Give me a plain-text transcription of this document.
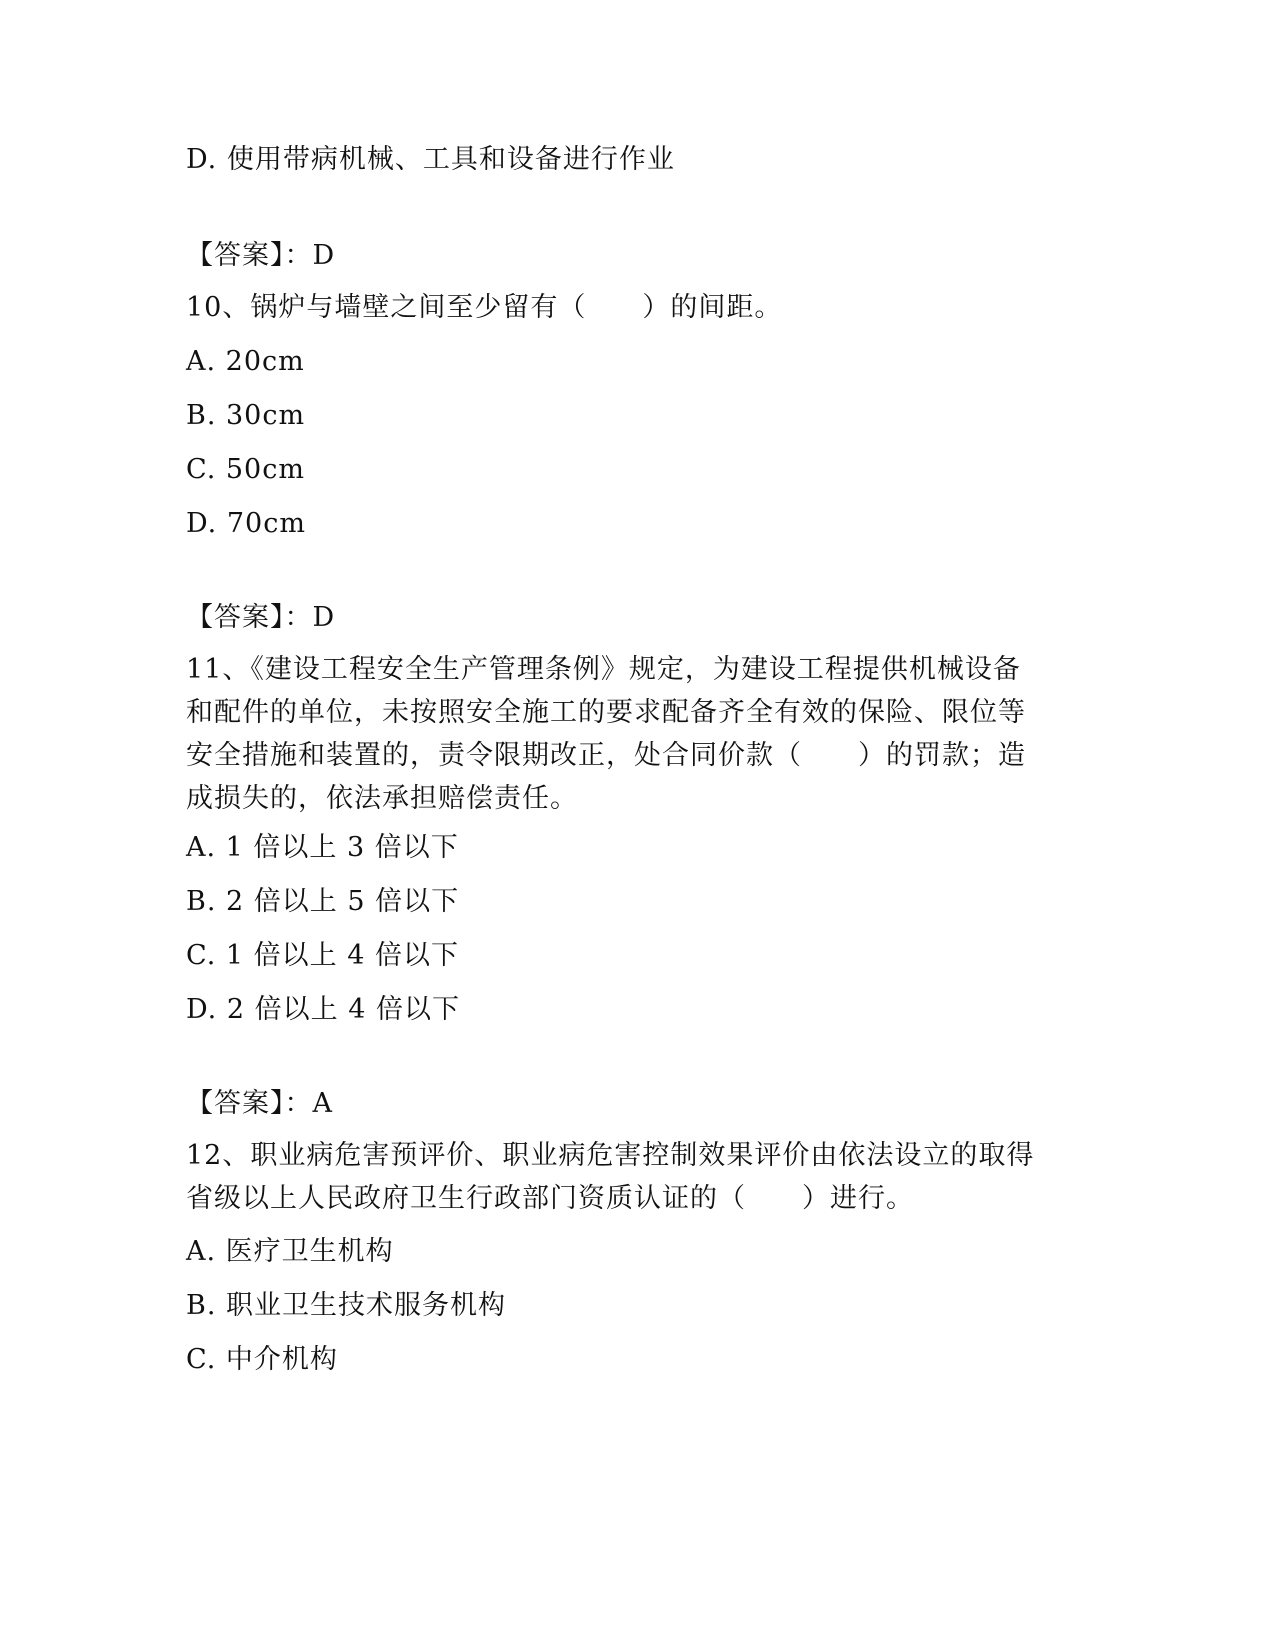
D. 使用带病机械、工具和设备进行作业
【答案】：D
10、锅炉与墙壁之间至少留有（　　）的间距。
A. 20cm
B. 30cm
C. 50cm
D. 70cm
【答案】：D
11、《建设工程安全生产管理条例》规定，为建设工程提供机械设备
和配件的单位，未按照安全施工的要求配备齐全有效的保险、限位等
安全措施和装置的，责令限期改正，处合同价款（　　）的罚款；造
成损失的，依法承担赔偿责任。
A. 1 倍以上 3 倍以下
B. 2 倍以上 5 倍以下
C. 1 倍以上 4 倍以下
D. 2 倍以上 4 倍以下
【答案】：A
12、职业病危害预评价、职业病危害控制效果评价由依法设立的取得
省级以上人民政府卫生行政部门资质认证的（　　）进行。
A. 医疗卫生机构
B. 职业卫生技术服务机构
C. 中介机构
